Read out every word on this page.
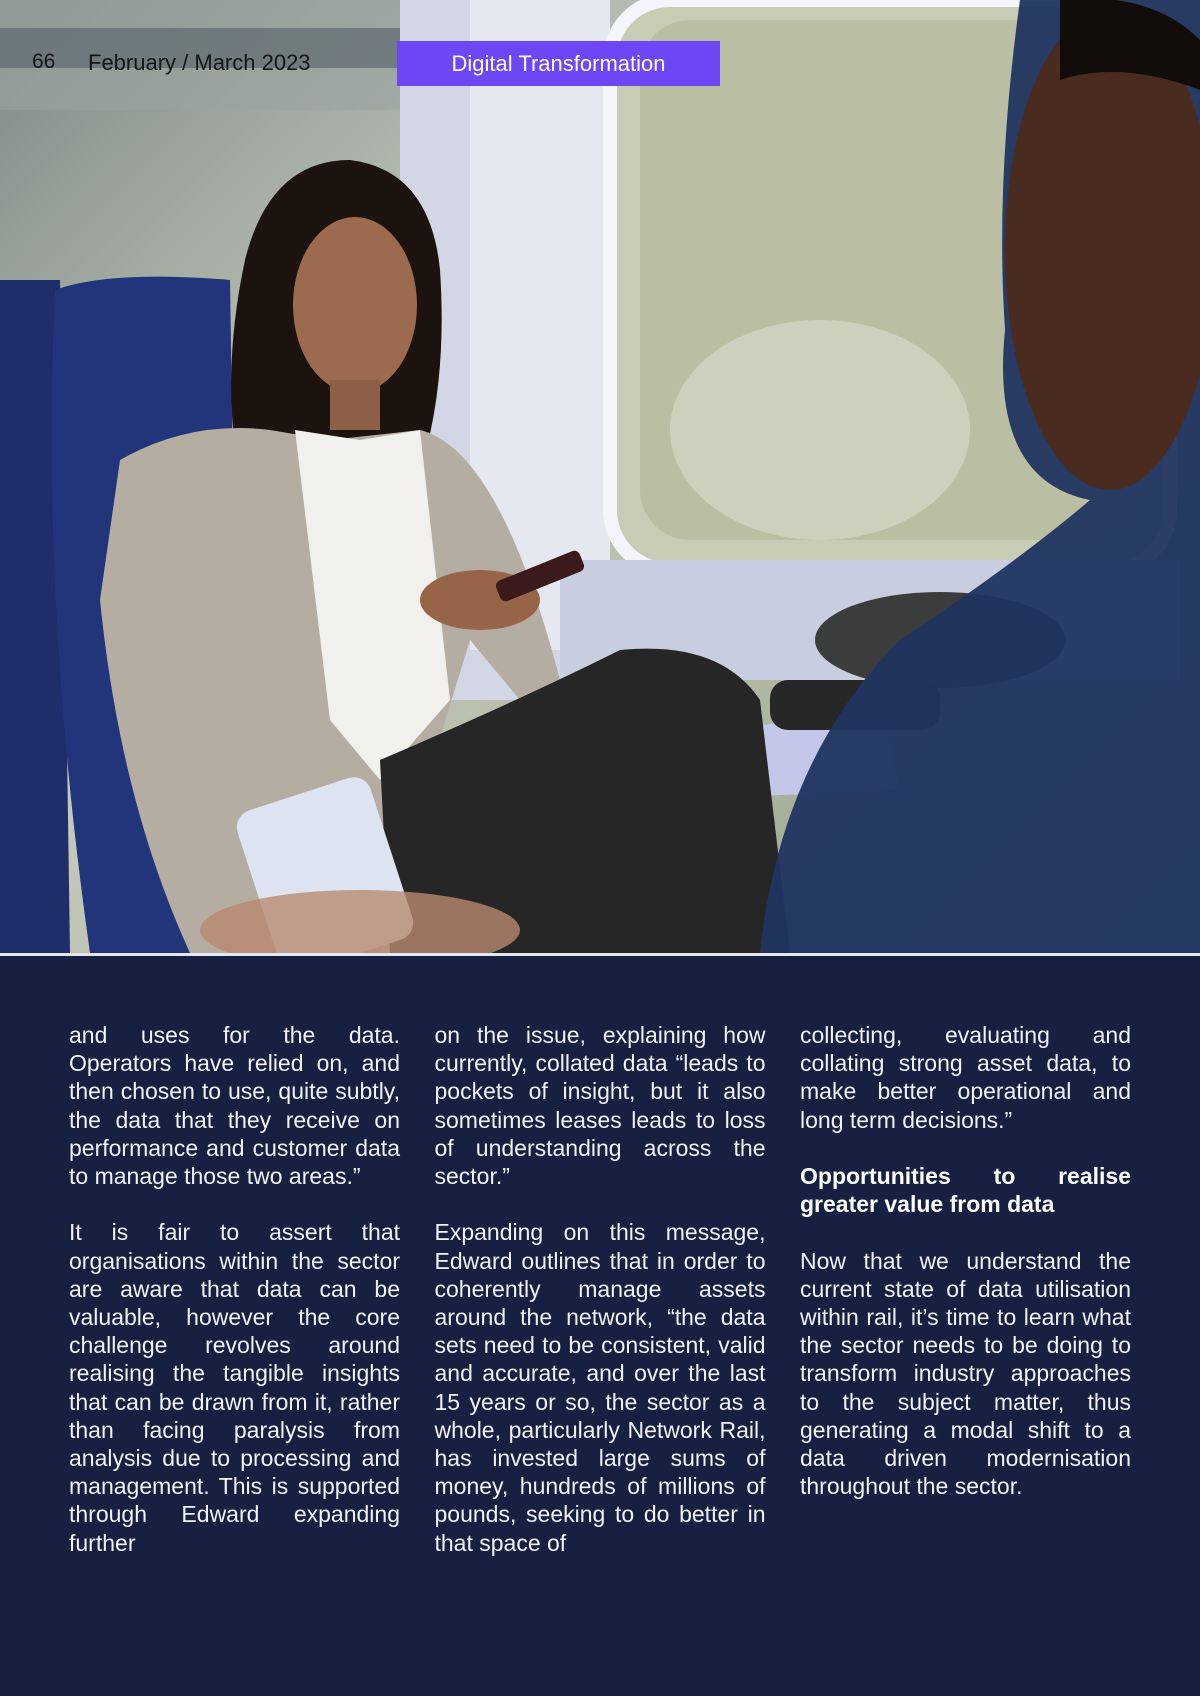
66 February / March 2023	Digital Transformation

and uses for the data. Operators have relied on, and then chosen to use, quite subtly, the data that they receive on performance and customer data to manage those two areas.”

It is fair to assert that organisations within the sector are aware that data can be valuable, however the core challenge revolves around realising the tangible insights that can be drawn from it, rather than facing paralysis from analysis due to processing and management. This is supported through Edward expanding further

on the issue, explaining how currently, collated data “leads to pockets of insight, but it also sometimes leases leads to loss of understanding across the sector.”

Expanding on this message, Edward outlines that in order to coherently manage assets around the network, “the data sets need to be consistent, valid and accurate, and over the last 15 years or so, the sector as a whole, particularly Network Rail, has invested large sums of money, hundreds of millions of pounds, seeking to do better in that space of

collecting, evaluating and collating strong asset data, to make better operational and long term decisions.”

Opportunities to realise greater value from data

Now that we understand the current state of data utilisation within rail, it’s time to learn what the sector needs to be doing to transform industry approaches to the subject matter, thus generating a modal shift to a data driven modernisation throughout the sector.
